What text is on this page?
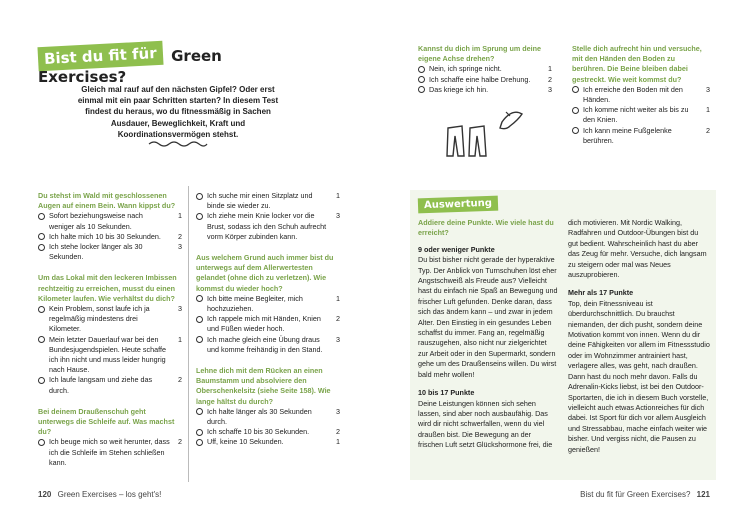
Bist du fit für Green Exercises?
Gleich mal rauf auf den nächsten Gipfel? Oder erst einmal mit ein paar Schritten starten? In diesem Test findest du heraus, wo du fitnessmäßig in Sachen Ausdauer, Beweglichkeit, Kraft und Koordinationsvermögen stehst.
Du stehst im Wald mit geschlossenen Augen auf einem Bein. Wann kippst du?
Sofort beziehungsweise nach weniger als 10 Sekunden.
1
Ich halte mich 10 bis 30 Sekunden. 2
Ich stehe locker länger als 30 Sekunden.
3
Um das Lokal mit den leckeren Imbissen rechtzeitig zu erreichen, musst du einen Kilometer laufen. Wie verhältst du dich?
Kein Problem, sonst laufe ich ja regelmäßig mindestens drei Kilometer.
3
Mein letzter Dauerlauf war bei den Bundesjugendspielen. Heute schaffe ich ihn nicht und muss leider hungrig nach Hause.
1
Ich laufe langsam und ziehe das durch.
2
Bei deinem Draußenschuh geht unterwegs die Schleife auf. Was machst du?
Ich beuge mich so weit herunter, dass ich die Schleife im Stehen schließen kann.
2
Ich suche mir einen Sitzplatz und binde sie wieder zu.
1
Ich ziehe mein Knie locker vor die Brust, sodass ich den Schuh aufrecht vorm Körper zubinden kann.
3
Aus welchem Grund auch immer bist du unterwegs auf dem Allerwertesten gelandet (ohne dich zu verletzen). Wie kommst du wieder hoch?
Ich bitte meine Begleiter, mich hochzuziehen.
1
Ich rappele mich mit Händen, Knien und Füßen wieder hoch.
2
Ich mache gleich eine Übung draus und komme freihändig in den Stand.
3
Lehne dich mit dem Rücken an einen Baumstamm und absolviere den Oberschenkelsitz (siehe Seite 158). Wie lange hältst du durch?
Ich halte länger als 30 Sekunden durch.
3
Ich schaffe 10 bis 30 Sekunden.	2
Uff, keine 10 Sekunden.	1
120 Green Exercises – los geht's!
Kannst du dich im Sprung um deine eigene Achse drehen?
Nein, ich springe nicht.	1
Ich schaffe eine halbe Drehung. 2
Das kriege ich hin.	3
Stelle dich aufrecht hin und versuche, mit den Händen den Boden zu berühren. Die Beine bleiben dabei gestreckt. Wie weit kommst du?
Ich erreiche den Boden mit den Händen.
3
Ich komme nicht weiter als bis zu den Knien.
1
Ich kann meine Fußgelenke berühren.
2
Auswertung
Addiere deine Punkte. Wie viele hast du erreicht?
9 oder weniger Punkte
Du bist bisher nicht gerade der hyperaktive Typ. Der Anblick von Turnschuhen löst eher Angstschweiß als Freude aus? Vielleicht hast du einfach nie Spaß an Bewegung und frischer Luft gefunden. Denke daran, dass sich das ändern kann – und zwar in jedem Alter. Den Einstieg in ein gesundes Leben schaffst du immer. Fang an, regelmäßig rauszugehen, also nicht nur zielgerichtet zur Arbeit oder in den Supermarkt, sondern gehe um des Draußenseins willen. Du wirst bald mehr wollen!
10 bis 17 Punkte
Deine Leistungen können sich sehen lassen, sind aber noch ausbaufähig. Das wird dir nicht schwerfallen, wenn du viel draußen bist. Die Bewegung an der frischen Luft setzt Glückshormone frei, die
dich motivieren. Mit Nordic Walking, Radfahren und Outdoor-Übungen bist du gut bedient. Wahrscheinlich hast du aber das Zeug für mehr. Versuche, dich langsam zu steigern oder mal was Neues auszuprobieren.
Mehr als 17 Punkte
Top, dein Fitnessniveau ist überdurchschnittlich. Du brauchst niemanden, der dich pusht, sondern deine Motivation kommt von innen. Wenn du dir deine Fähigkeiten vor allem im Fitnessstudio oder im Wohnzimmer antrainiert hast, verlagere alles, was geht, nach draußen. Dann hast du noch mehr davon. Falls du Adrenalin-Kicks liebst, ist bei den Outdoor-Sportarten, die ich in diesem Buch vorstelle, vielleicht auch etwas Actionreiches für dich dabei. Ist Sport für dich vor allem Ausgleich und Stressabbau, mache einfach weiter wie bisher. Und vergiss nicht, die Pausen zu genießen!
Bist du fit für Green Exercises? 121
